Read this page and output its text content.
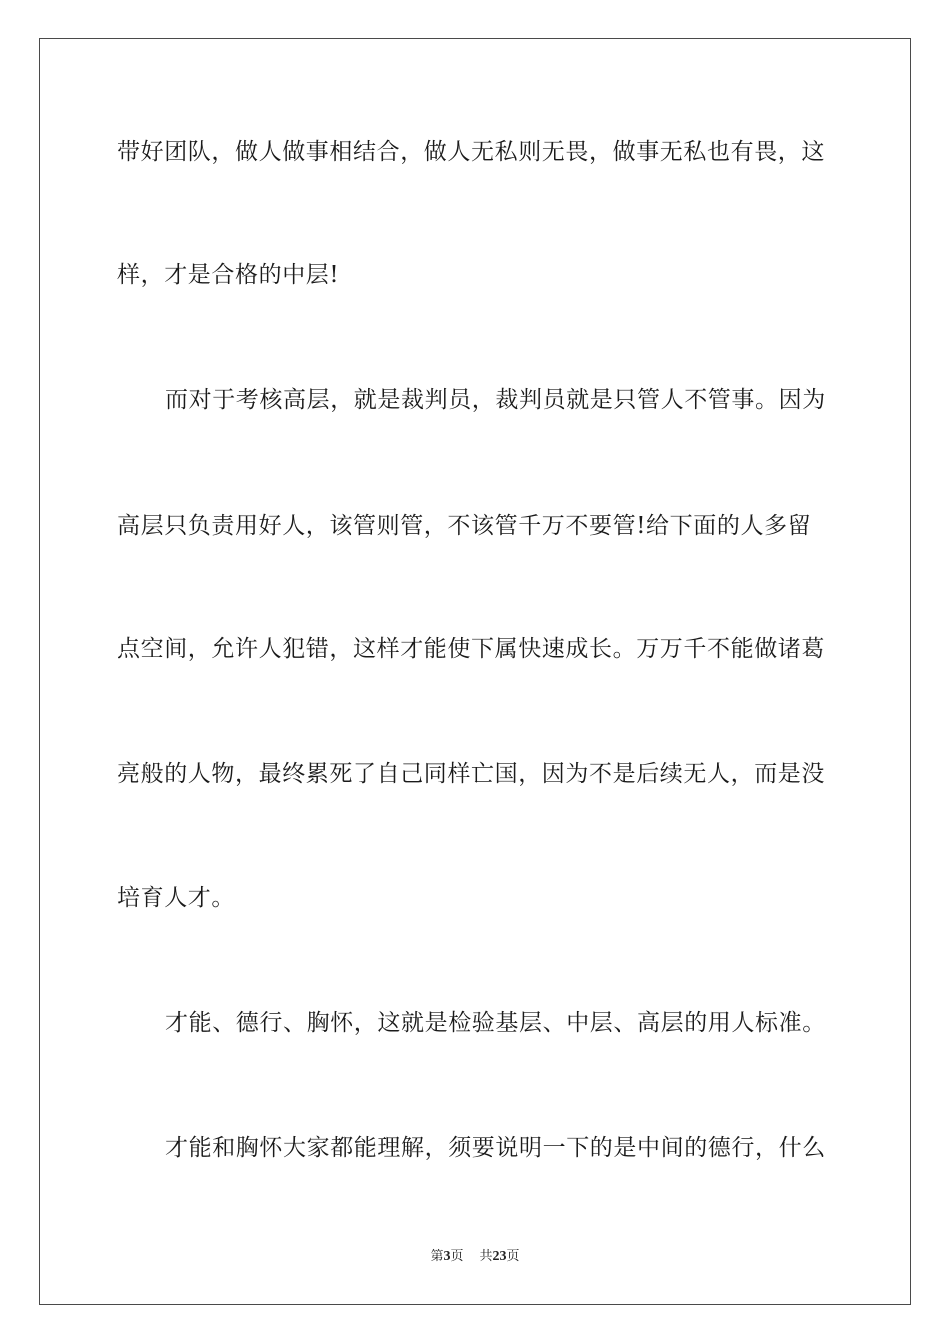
带好团队，做人做事相结合，做人无私则无畏，做事无私也有畏，这
样，才是合格的中层!
而对于考核高层，就是裁判员，裁判员就是只管人不管事。因为
高层只负责用好人，该管则管，不该管千万不要管!给下面的人多留
点空间，允许人犯错，这样才能使下属快速成长。万万千不能做诸葛
亮般的人物，最终累死了自己同样亡国，因为不是后续无人，而是没
培育人才。
才能、德行、胸怀，这就是检验基层、中层、高层的用人标准。
才能和胸怀大家都能理解，须要说明一下的是中间的德行，什么
第3页 共23页
